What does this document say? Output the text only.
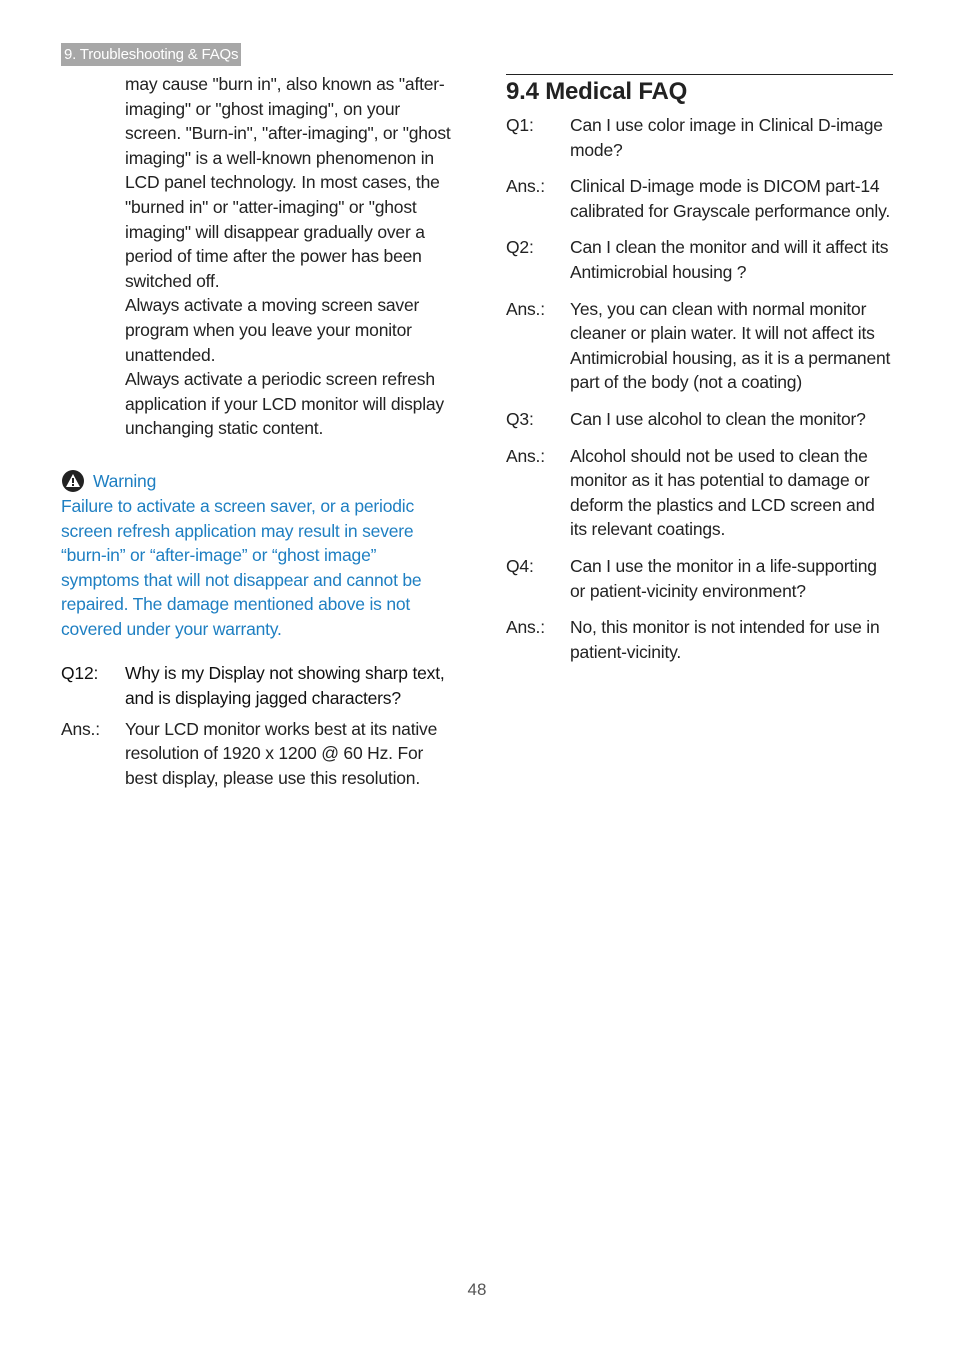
9. Troubleshooting & FAQs

may cause "burn in", also known as "after-imaging" or "ghost imaging", on your screen. "Burn-in", "after-imaging", or "ghost imaging" is a well-known phenomenon in LCD panel technology. In most cases, the "burned in" or "atter-imaging" or "ghost imaging" will disappear gradually over a period of time after the power has been switched off.

Always activate a moving screen saver program when you leave your monitor unattended.

Always activate a periodic screen refresh application if your LCD monitor will display unchanging static content.

Warning

Failure to activate a screen saver, or a periodic screen refresh application may result in severe “burn-in” or “after-image” or “ghost image” symptoms that will not disappear and cannot be repaired. The damage mentioned above is not covered under your warranty.

Q12:	Why is my Display not showing sharp text, and is displaying jagged characters?
Ans.:	Your LCD monitor works best at its native resolution of 1920 x 1200 @ 60 Hz. For best display, please use this resolution.
9.4 Medical FAQ
Q1:	Can I use color image in Clinical D-image mode?
Ans.:	Clinical D-image mode is DICOM part-14 calibrated for Grayscale performance only.
Q2:	Can I clean the monitor and will it affect its Antimicrobial housing ?
Ans.:	Yes, you can clean with normal monitor cleaner or plain water. It will not affect its Antimicrobial housing, as it is a permanent part of the body (not a coating)
Q3:	Can I use alcohol to clean the monitor?
Ans.:	Alcohol should not be used to clean the monitor as it has potential to damage or deform the plastics and LCD screen and its relevant coatings.
Q4:	Can I use the monitor in a life-supporting or patient-vicinity environment?
Ans.:	No, this monitor is not intended for use in patient-vicinity.
48
